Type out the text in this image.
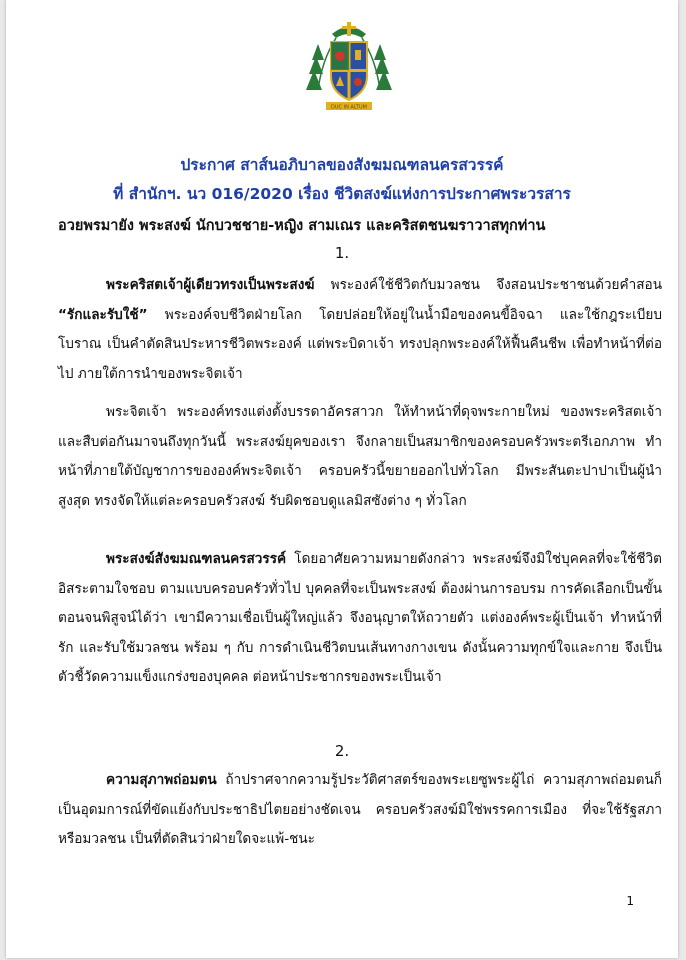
DUC IN ALTUM
ประกาศ สาส์นอภิบาลของสังฆมณฑลนครสวรรค์
ที่ สำนักฯ. นว 016/2020 เรื่อง ชีวิตสงฆ์แห่งการประกาศพระวรสาร
อวยพรมายัง พระสงฆ์ นักบวชชาย-หญิง สามเณร และคริสตชนฆราวาสทุกท่าน
1.
พระคริสตเจ้าผู้เดียวทรงเป็นพระสงฆ์ พระองค์ใช้ชีวิตกับมวลชน จึงสอนประชาชนด้วยคำสอน “รักและรับใช้” พระองค์จบชีวิตฝ่ายโลก โดยปล่อยให้อยู่ในน้ำมือของคนขี้อิจฉา และใช้กฎระเบียบโบราณ เป็นคำตัดสินประหารชีวิตพระองค์ แต่พระบิดาเจ้า ทรงปลุกพระองค์ให้ฟื้นคืนชีพ เพื่อทำหน้าที่ต่อไป ภายใต้การนำของพระจิตเจ้า
พระจิตเจ้า พระองค์ทรงแต่งตั้งบรรดาอัครสาวก ให้ทำหน้าที่ดุจพระกายใหม่ ของพระคริสตเจ้า และสืบต่อกันมาจนถึงทุกวันนี้ พระสงฆ์ยุคของเรา จึงกลายเป็นสมาชิกของครอบครัวพระตรีเอกภาพ ทำหน้าที่ภายใต้บัญชาการขององค์พระจิตเจ้า ครอบครัวนี้ขยายออกไปทั่วโลก มีพระสันตะปาปาเป็นผู้นำสูงสุด ทรงจัดให้แต่ละครอบครัวสงฆ์ รับผิดชอบดูแลมิสซังต่าง ๆ ทั่วโลก
พระสงฆ์สังฆมณฑลนครสวรรค์ โดยอาศัยความหมายดังกล่าว พระสงฆ์จึงมิใช่บุคคลที่จะใช้ชีวิตอิสระตามใจชอบ ตามแบบครอบครัวทั่วไป บุคคลที่จะเป็นพระสงฆ์ ต้องผ่านการอบรม การคัดเลือกเป็นขั้นตอนจนพิสูจน์ได้ว่า เขามีความเชื่อเป็นผู้ใหญ่แล้ว จึงอนุญาตให้ถวายตัว แต่งองค์พระผู้เป็นเจ้า ทำหน้าที่รัก และรับใช้มวลชน พร้อม ๆ กับ การดำเนินชีวิตบนเส้นทางกางเขน ดังนั้นความทุกข์ใจและกาย จึงเป็นตัวชี้วัดความแข็งแกร่งของบุคคล ต่อหน้าประชากรของพระเป็นเจ้า
2.
ความสุภาพถ่อมตน ถ้าปราศจากความรู้ประวัติศาสตร์ของพระเยซูพระผู้ไถ่ ความสุภาพถ่อมตนก็เป็นอุดมการณ์ที่ขัดแย้งกับประชาธิปไตยอย่างชัดเจน ครอบครัวสงฆ์มิใช่พรรคการเมือง ที่จะใช้รัฐสภา หรือมวลชน เป็นที่ตัดสินว่าฝ่ายใดจะแพ้-ชนะ
1
